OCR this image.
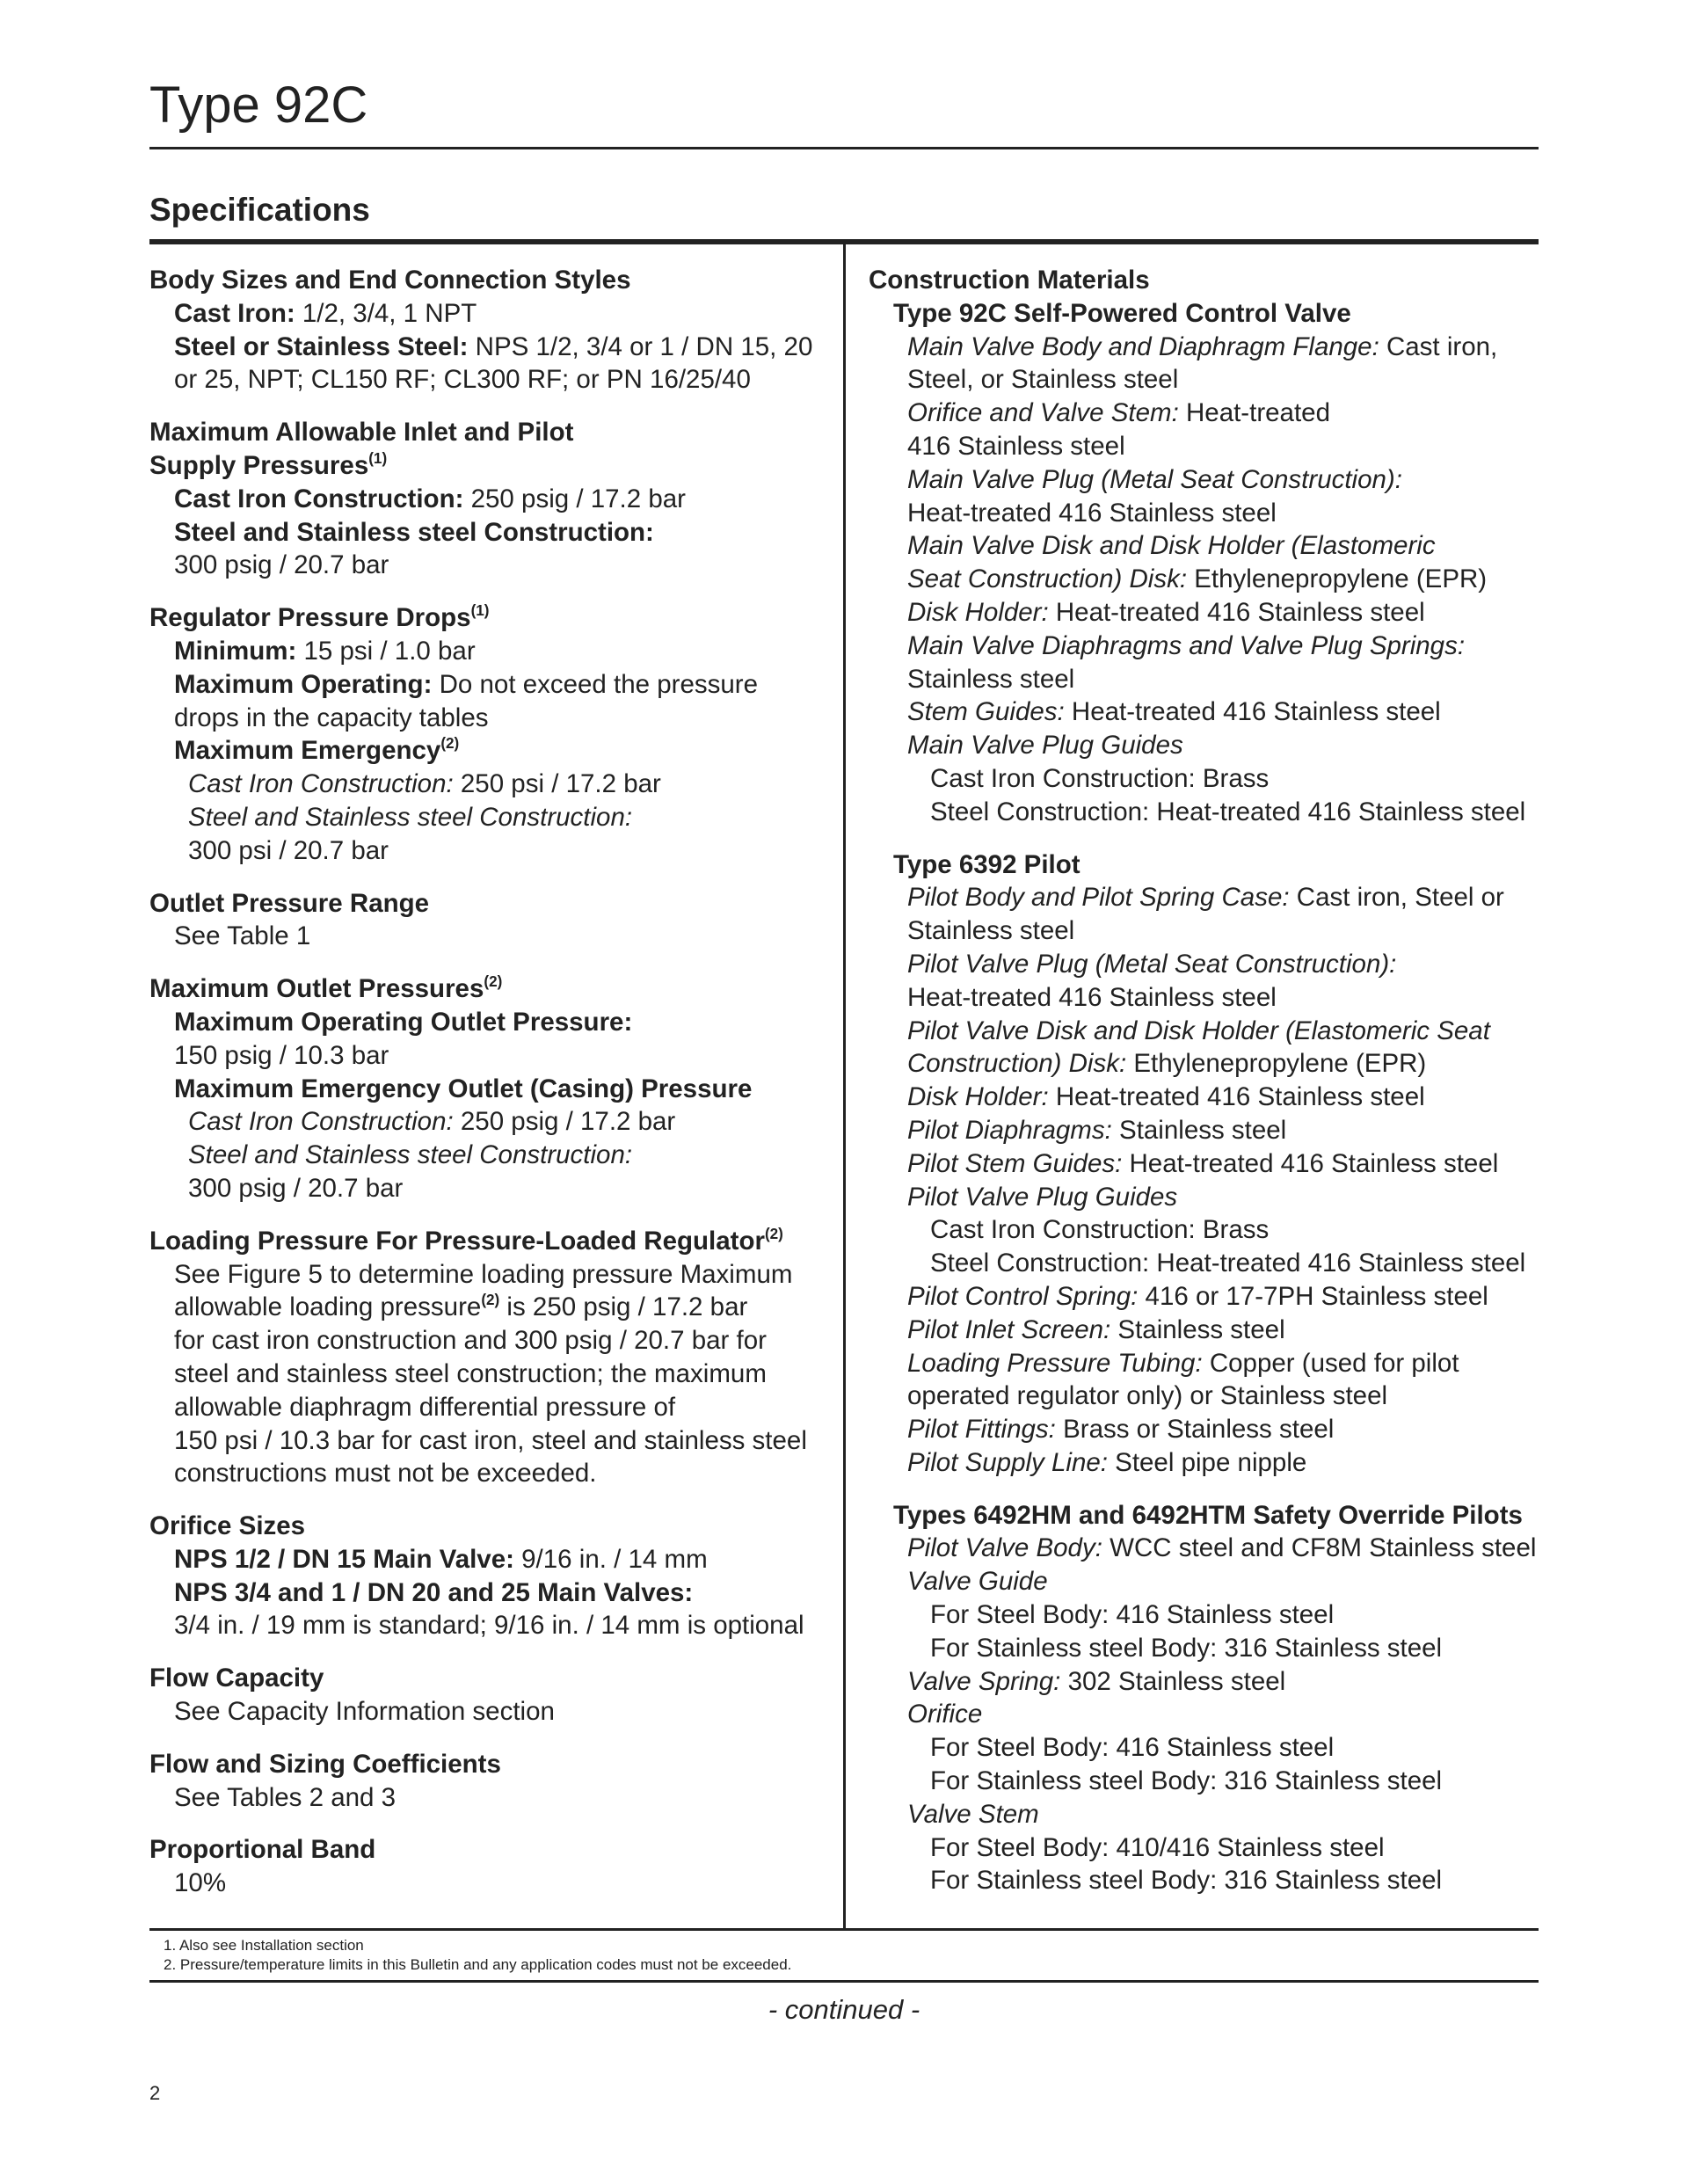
Type 92C
Specifications
Body Sizes and End Connection Styles
Cast Iron: 1/2, 3/4, 1 NPT
Steel or Stainless Steel: NPS 1/2, 3/4 or 1 / DN 15, 20
or 25, NPT; CL150 RF; CL300 RF; or PN 16/25/40
Maximum Allowable Inlet and Pilot
Supply Pressures$^{(1)}$
Cast Iron Construction: 250 psig / 17.2 bar
Steel and Stainless steel Construction:
300 psig / 20.7 bar
Regulator Pressure Drops$^{(1)}$
Minimum: 15 psi / 1.0 bar
Maximum Operating: Do not exceed the pressure
drops in the capacity tables
Maximum Emergency$^{(2)}$
Cast Iron Construction: 250 psi / 17.2 bar
Steel and Stainless steel Construction:
300 psi / 20.7 bar
Outlet Pressure Range
See Table 1
Maximum Outlet Pressures$^{(2)}$
Maximum Operating Outlet Pressure:
150 psig / 10.3 bar
Maximum Emergency Outlet (Casing) Pressure
Cast Iron Construction: 250 psig / 17.2 bar
Steel and Stainless steel Construction:
300 psig / 20.7 bar
Loading Pressure For Pressure-Loaded Regulator$^{(2)}$
See Figure 5 to determine loading pressure Maximum
allowable loading pressure$^{(2)}$ is 250 psig / 17.2 bar
for cast iron construction and 300 psig / 20.7 bar for
steel and stainless steel construction; the maximum
allowable diaphragm differential pressure of
150 psi / 10.3 bar for cast iron, steel and stainless steel
constructions must not be exceeded.
Orifice Sizes
NPS 1/2 / DN 15 Main Valve: 9/16 in. / 14 mm
NPS 3/4 and 1 / DN 20 and 25 Main Valves:
3/4 in. / 19 mm is standard; 9/16 in. / 14 mm is optional
Flow Capacity
See Capacity Information section
Flow and Sizing Coefficients
See Tables 2 and 3
Proportional Band
10%
Construction Materials
Type 92C Self-Powered Control Valve
Main Valve Body and Diaphragm Flange: Cast iron,
Steel, or Stainless steel
Orifice and Valve Stem: Heat-treated
416 Stainless steel
Main Valve Plug (Metal Seat Construction):
Heat-treated 416 Stainless steel
Main Valve Disk and Disk Holder (Elastomeric
Seat Construction) Disk: Ethylenepropylene (EPR)
Disk Holder: Heat-treated 416 Stainless steel
Main Valve Diaphragms and Valve Plug Springs:
Stainless steel
Stem Guides: Heat-treated 416 Stainless steel
Main Valve Plug Guides
Cast Iron Construction: Brass
Steel Construction: Heat-treated 416 Stainless steel
Type 6392 Pilot
Pilot Body and Pilot Spring Case: Cast iron, Steel or
Stainless steel
Pilot Valve Plug (Metal Seat Construction):
Heat-treated 416 Stainless steel
Pilot Valve Disk and Disk Holder (Elastomeric Seat
Construction) Disk: Ethylenepropylene (EPR)
Disk Holder: Heat-treated 416 Stainless steel
Pilot Diaphragms: Stainless steel
Pilot Stem Guides: Heat-treated 416 Stainless steel
Pilot Valve Plug Guides
Cast Iron Construction: Brass
Steel Construction: Heat-treated 416 Stainless steel
Pilot Control Spring: 416 or 17-7PH Stainless steel
Pilot Inlet Screen: Stainless steel
Loading Pressure Tubing: Copper (used for pilot
operated regulator only) or Stainless steel
Pilot Fittings: Brass or Stainless steel
Pilot Supply Line: Steel pipe nipple
Types 6492HM and 6492HTM Safety Override Pilots
Pilot Valve Body: WCC steel and CF8M Stainless steel
Valve Guide
For Steel Body: 416 Stainless steel
For Stainless steel Body: 316 Stainless steel
Valve Spring: 302 Stainless steel
Orifice
For Steel Body: 416 Stainless steel
For Stainless steel Body: 316 Stainless steel
Valve Stem
For Steel Body: 410/416 Stainless steel
For Stainless steel Body: 316 Stainless steel
1. Also see Installation section
2. Pressure/temperature limits in this Bulletin and any application codes must not be exceeded.
- continued -
2
